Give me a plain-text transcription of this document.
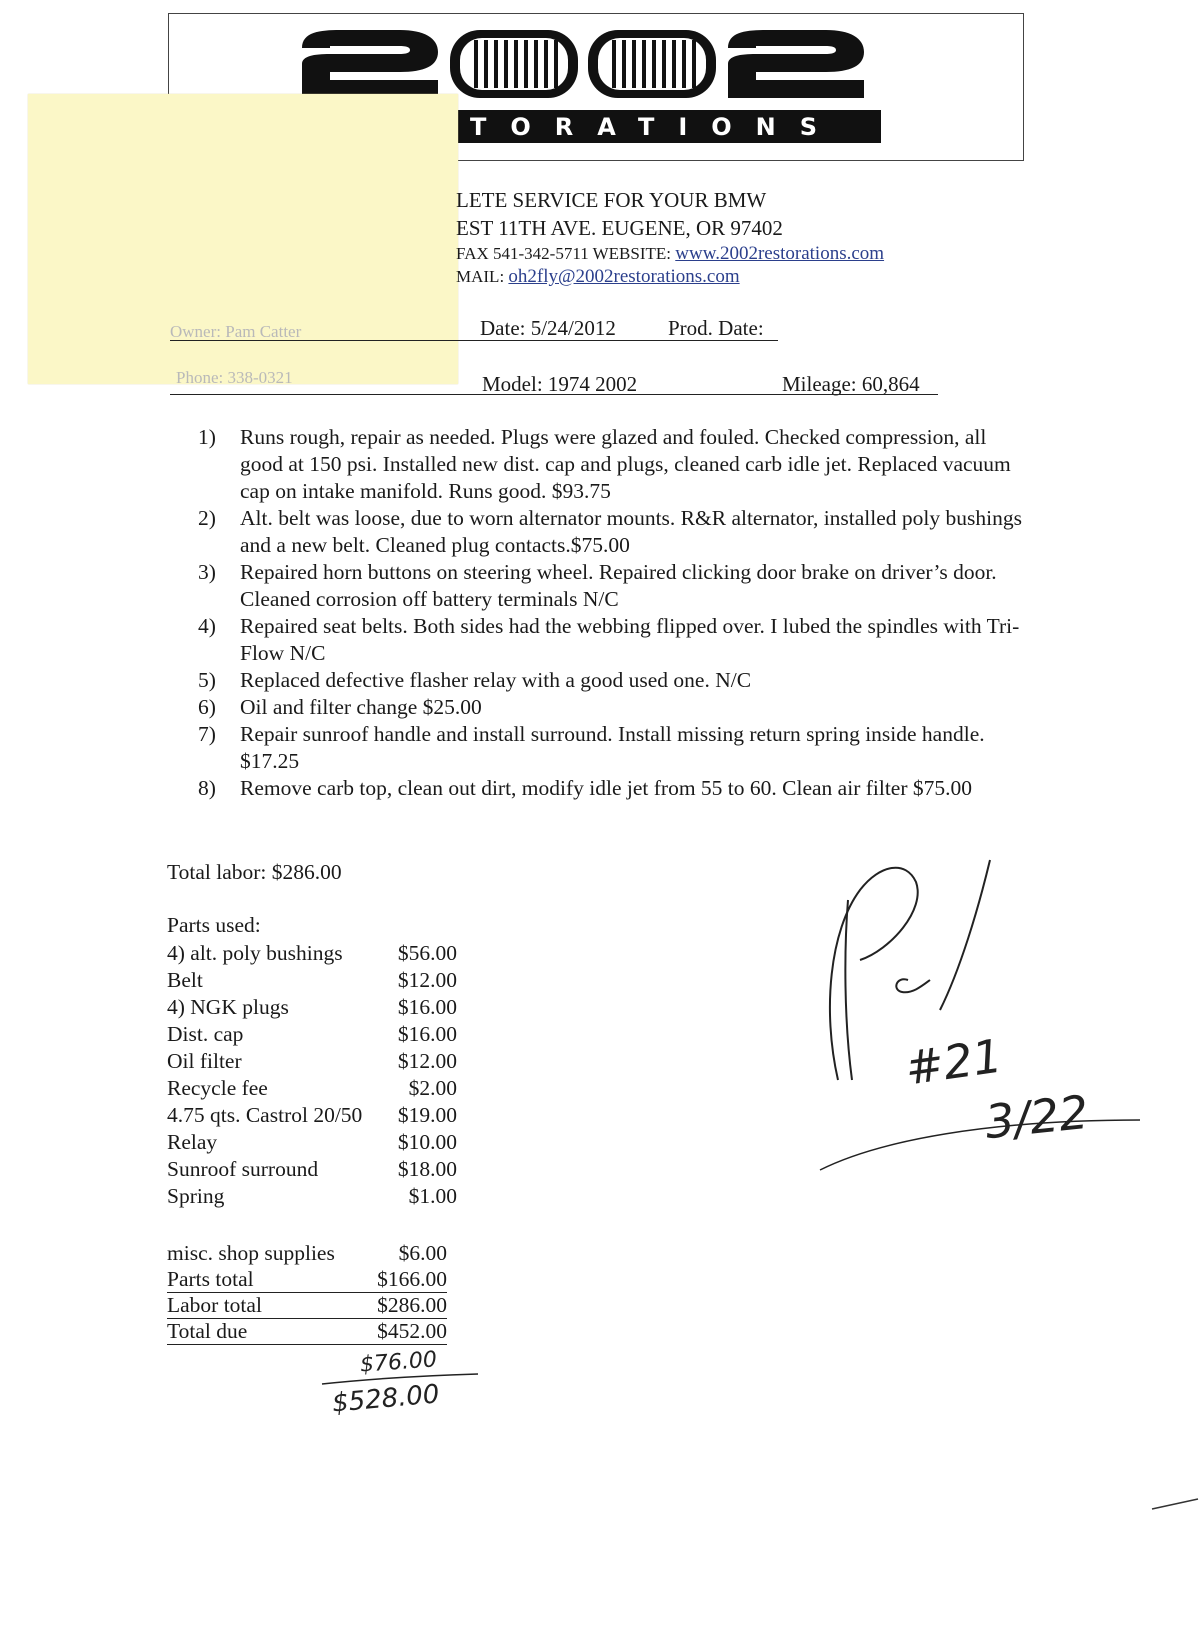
TORATIONS
Owner: Pam Catter
Phone: 338-0321
LETE SERVICE FOR YOUR BMW
EST 11TH AVE. EUGENE, OR 97402
FAX 541-342-5711 WEBSITE: www.2002restorations.com
MAIL: oh2fly@2002restorations.com
Date: 5/24/2012 Prod. Date:
Model: 1974 2002	Mileage: 60,864
1)	Runs rough, repair as needed. Plugs were glazed and fouled. Checked compression, all good at 150 psi. Installed new dist. cap and plugs, cleaned carb idle jet. Replaced vacuum cap on intake manifold. Runs good. $93.75
2)	Alt. belt was loose, due to worn alternator mounts. R&R alternator, installed poly bushings and a new belt. Cleaned plug contacts.$75.00
3)	Repaired horn buttons on steering wheel. Repaired clicking door brake on driver’s door. Cleaned corrosion off battery terminals N/C
4)	Repaired seat belts. Both sides had the webbing flipped over. I lubed the spindles with Tri-Flow N/C
5)	Replaced defective flasher relay with a good used one. N/C
6)	Oil and filter change $25.00
7)	Repair sunroof handle and install surround. Install missing return spring inside handle. $17.25
8)	Remove carb top, clean out dirt, modify idle jet from 55 to 60. Clean air filter $75.00
Total labor: $286.00
Parts used:
4) alt. poly bushings	$56.00
Belt	$12.00
4) NGK plugs	$16.00
Dist. cap	$16.00
Oil filter	$12.00
Recycle fee	$2.00
4.75 qts. Castrol 20/50 $19.00
Relay	$10.00
Sunroof surround	$18.00
Spring	$1.00
misc. shop supplies	$6.00
Parts total	$166.00
Labor total	$286.00
Total due	$452.00
$76.00
$528.00
#21
3/22
